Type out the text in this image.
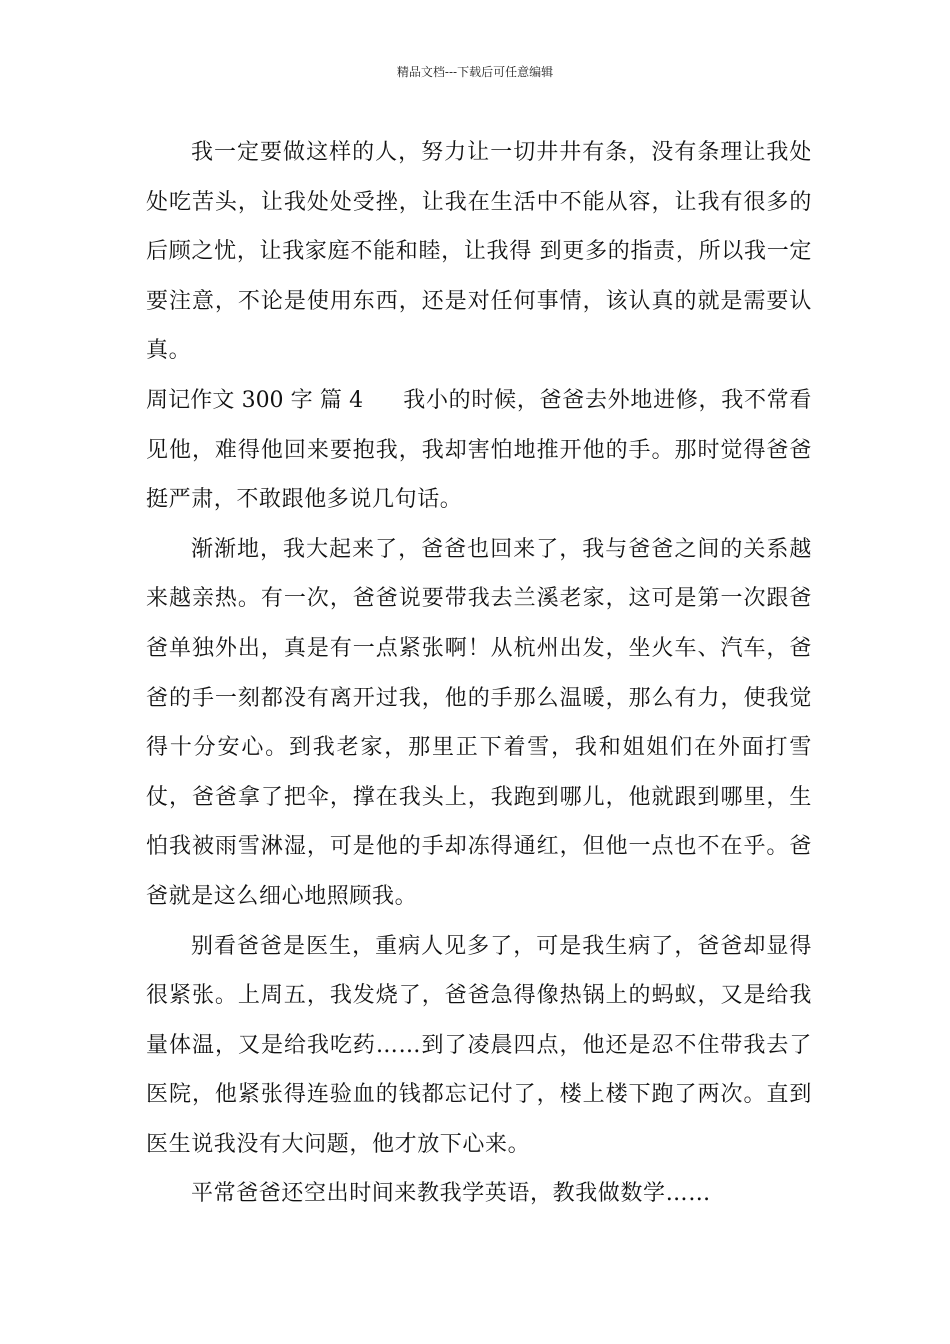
精品文档---下载后可任意编辑

我一定要做这样的人，努力让一切井井有条，没有条理让我处处吃苦头，让我处处受挫，让我在生活中不能从容，让我有很多的后顾之忧，让我家庭不能和睦，让我得 到更多的指责，所以我一定要注意，不论是使用东西，还是对任何事情，该认真的就是需要认真。

周记作文 300 字 篇 4 我小的时候，爸爸去外地进修，我不常看见他，难得他回来要抱我，我却害怕地推开他的手。那时觉得爸爸挺严肃，不敢跟他多说几句话。

渐渐地，我大起来了，爸爸也回来了，我与爸爸之间的关系越来越亲热。有一次，爸爸说要带我去兰溪老家，这可是第一次跟爸爸单独外出，真是有一点紧张啊！从杭州出发，坐火车、汽车，爸爸的手一刻都没有离开过我，他的手那么温暖，那么有力，使我觉得十分安心。到我老家，那里正下着雪，我和姐姐们在外面打雪仗，爸爸拿了把伞，撑在我头上，我跑到哪儿，他就跟到哪里，生怕我被雨雪淋湿，可是他的手却冻得通红，但他一点也不在乎。爸爸就是这么细心地照顾我。

别看爸爸是医生，重病人见多了，可是我生病了，爸爸却显得很紧张。上周五，我发烧了，爸爸急得像热锅上的蚂蚁，又是给我量体温，又是给我吃药……到了凌晨四点，他还是忍不住带我去了医院，他紧张得连验血的钱都忘记付了，楼上楼下跑了两次。直到医生说我没有大问题，他才放下心来。

平常爸爸还空出时间来教我学英语，教我做数学……
